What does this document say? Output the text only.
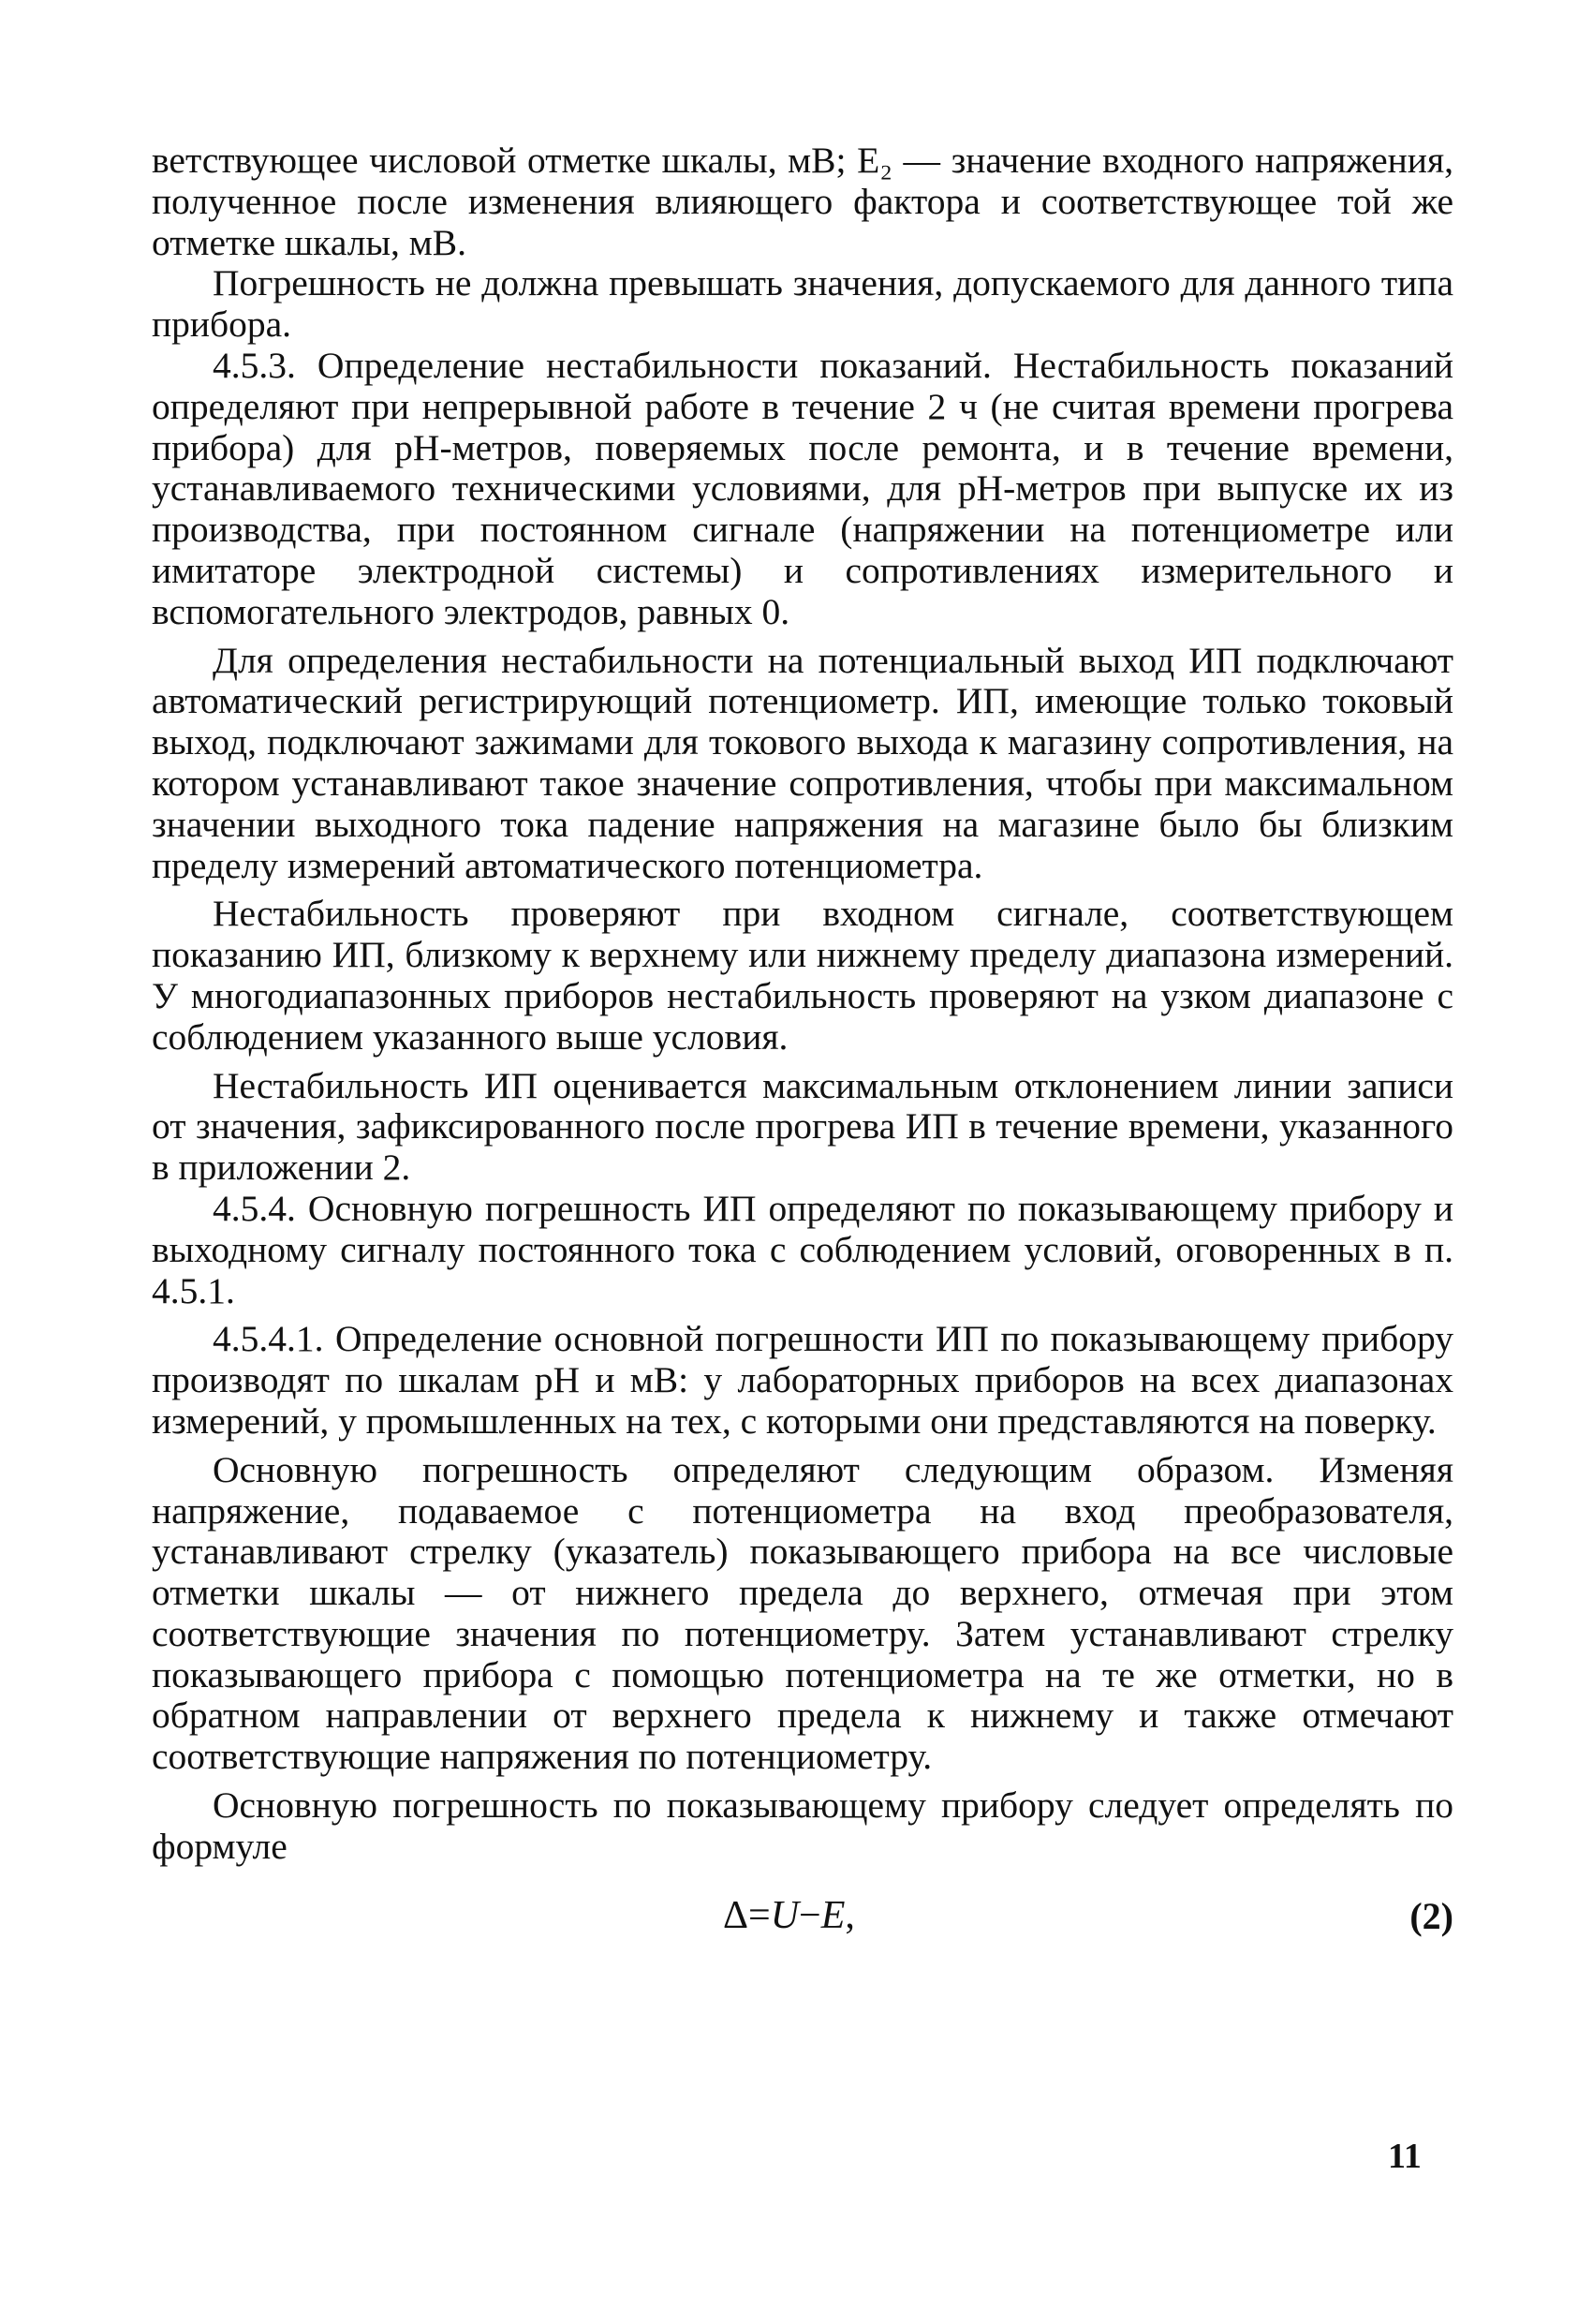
ветствующее числовой отметке шкалы, мВ; E₂ — значение входного напряжения, полученное после изменения влияющего фактора и соответствующее той же отметке шкалы, мВ.

Погрешность не должна превышать значения, допускаемого для данного типа прибора.

4.5.3. Определение нестабильности показаний. Нестабильность показаний определяют при непрерывной работе в течение 2 ч (не считая времени прогрева прибора) для pH-метров, поверяемых после ремонта, и в течение времени, устанавливаемого техническими условиями, для pH-метров при выпуске их из производства, при постоянном сигнале (напряжении на потенциометре или имитаторе электродной системы) и сопротивлениях измерительного и вспомогательного электродов, равных 0.

Для определения нестабильности на потенциальный выход ИП подключают автоматический регистрирующий потенциометр. ИП, имеющие только токовый выход, подключают зажимами для токового выхода к магазину сопротивления, на котором устанавливают такое значение сопротивления, чтобы при максимальном значении выходного тока падение напряжения на магазине было бы близким пределу измерений автоматического потенциометра.

Нестабильность проверяют при входном сигнале, соответствующем показанию ИП, близкому к верхнему или нижнему пределу диапазона измерений. У многодиапазонных приборов нестабильность проверяют на узком диапазоне с соблюдением указанного выше условия.

Нестабильность ИП оценивается максимальным отклонением линии записи от значения, зафиксированного после прогрева ИП в течение времени, указанного в приложении 2.

4.5.4. Основную погрешность ИП определяют по показывающему прибору и выходному сигналу постоянного тока с соблюдением условий, оговоренных в п. 4.5.1.

4.5.4.1. Определение основной погрешности ИП по показывающему прибору производят по шкалам pH и мВ: у лабораторных приборов на всех диапазонах измерений, у промышленных на тех, с которыми они представляются на поверку.

Основную погрешность определяют следующим образом. Изменяя напряжение, подаваемое с потенциометра на вход преобразователя, устанавливают стрелку (указатель) показывающего прибора на все числовые отметки шкалы — от нижнего предела до верхнего, отмечая при этом соответствующие значения по потенциометру. Затем устанавливают стрелку показывающего прибора с помощью потенциометра на те же отметки, но в обратном направлении от верхнего предела к нижнему и также отмечают соответствующие напряжения по потенциометру.

Основную погрешность по показывающему прибору следует определять по формуле

Δ=U−E,	(2)
11
